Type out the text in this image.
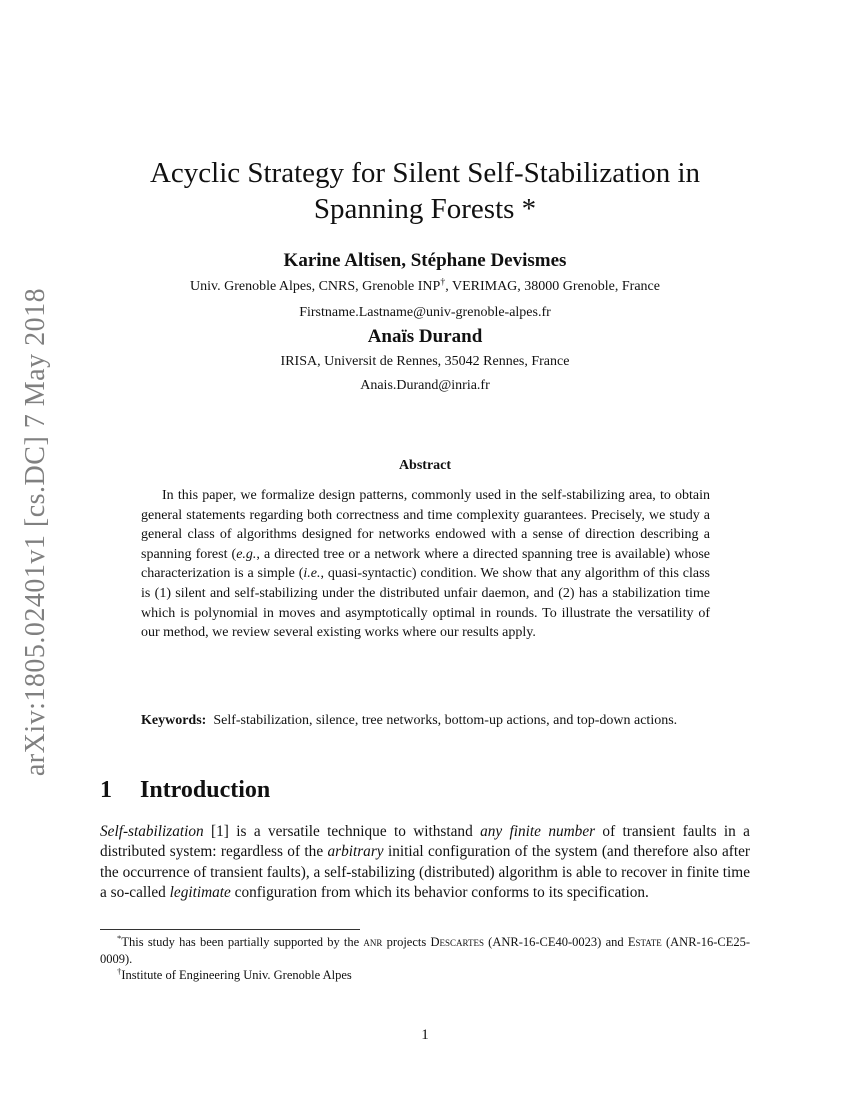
arXiv:1805.02401v1 [cs.DC] 7 May 2018
Acyclic Strategy for Silent Self-Stabilization in Spanning Forests *
Karine Altisen, Stéphane Devismes
Univ. Grenoble Alpes, CNRS, Grenoble INP†, VERIMAG, 38000 Grenoble, France
Firstname.Lastname@univ-grenoble-alpes.fr
Anaïs Durand
IRISA, Universit de Rennes, 35042 Rennes, France
Anais.Durand@inria.fr
Abstract
In this paper, we formalize design patterns, commonly used in the self-stabilizing area, to obtain general statements regarding both correctness and time complexity guarantees. Precisely, we study a general class of algorithms designed for networks endowed with a sense of direction describing a spanning forest (e.g., a directed tree or a network where a directed spanning tree is available) whose characterization is a simple (i.e., quasi-syntactic) condition. We show that any algorithm of this class is (1) silent and self-stabilizing under the distributed unfair daemon, and (2) has a stabilization time which is polynomial in moves and asymptotically optimal in rounds. To illustrate the versatility of our method, we review several existing works where our results apply.
Keywords: Self-stabilization, silence, tree networks, bottom-up actions, and top-down actions.
1 Introduction
Self-stabilization [1] is a versatile technique to withstand any finite number of transient faults in a distributed system: regardless of the arbitrary initial configuration of the system (and therefore also after the occurrence of transient faults), a self-stabilizing (distributed) algorithm is able to recover in finite time a so-called legitimate configuration from which its behavior conforms to its specification.

*This study has been partially supported by the anr projects Descartes (ANR-16-CE40-0023) and Estate (ANR-16-CE25-0009).

†Institute of Engineering Univ. Grenoble Alpes

1
